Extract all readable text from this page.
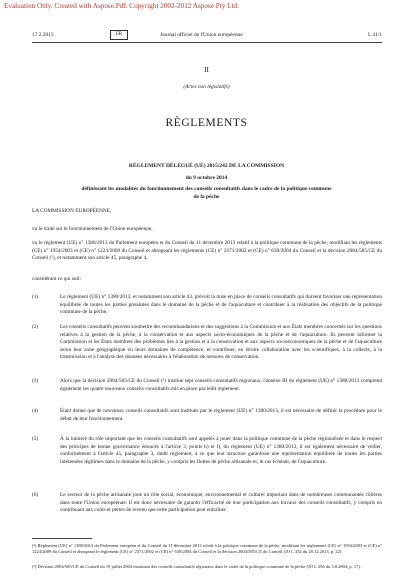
Evaluation Only. Created with Aspose.Pdf. Copyright 2002-2012 Aspose Pty Ltd.
17.2.2015	FR	Journal officiel de l'Union européenne	L 41/1
II
(Actes non législatifs)
RÈGLEMENTS
RÈGLEMENT DÉLÉGUÉ (UE) 2015/242 DE LA COMMISSION
du 9 octobre 2014
définissant les modalités du fonctionnement des conseils consultatifs dans le cadre de la politique commune de la pêche
LA COMMISSION EUROPÉENNE,
vu le traité sur le fonctionnement de l'Union européenne,
vu le règlement (UE) n° 1380/2013 du Parlement européen et du Conseil du 11 décembre 2013 relatif à la politique commune de la pêche, modifiant les règlements (CE) n° 1954/2003 et (CE) n° 1224/2009 du Conseil et abrogeant les règlements (CE) n° 2371/2002 et (CE) n° 639/2004 du Conseil et la décision 2004/585/CE du Conseil (¹), et notamment son article 45, paragraphe 4,
considérant ce qui suit:
(1)	Le règlement (UE) n° 1380/2013, et notamment son article 43, prévoit la mise en place de conseils consultatifs qui doivent favoriser une représentation équilibrée de toutes les parties prenantes dans le domaine de la pêche et de l'aquaculture et contribuer à la réalisation des objectifs de la politique commune de la pêche.
(2)	Les conseils consultatifs peuvent soumettre des recommandations et des suggestions à la Commission et aux États membres concernés sur les questions relatives à la gestion de la pêche, à la conservation et aux aspects socio-économiques de la pêche et de l'aquaculture. Ils peuvent informer la Commission et les États membres des problèmes liés à la gestion et à la conservation et aux aspects socioéconomiques de la pêche et de l'aquaculture selon leur zone géographique ou leurs domaines de compétence, et contribuer, en étroite collaboration avec les scientifiques, à la collecte, à la transmission et à l'analyse des données nécessaires à l'élaboration de mesures de conservation.
(3)	Alors que la décision 2004/585/CE du Conseil (²) institue sept conseils consultatifs régionaux, l'annexe III du règlement (UE) n° 1380/2013 comprend également les quatre nouveaux conseils consultatifs mis en place par ledit règlement.
(4)	Étant donné que de nouveaux conseils consultatifs sont institués par le règlement (UE) n° 1380/2013, il est nécessaire de définir la procédure pour le début de leur fonctionnement.
(5)	À la lumière du rôle important que les conseils consultatifs sont appelés à jouer dans la politique commune de la pêche régionalisée et dans le respect des principes de bonne gouvernance énoncés à l'article 3, points b) et f), du règlement (UE) n° 1380/2013, il est également nécessaire de veiller, conformément à l'article 45, paragraphe 3, dudit règlement, à ce que leur structure garantisse une représentation équilibrée de toutes les parties intéressées légitimes dans le domaine de la pêche, y compris les flottes de pêche artisanale et, le cas échéant, de l'aquaculture.
(6)	Le secteur de la pêche artisanale joue un rôle social, économique, environnemental et culturel important dans de nombreuses communautés côtières dans toute l'Union européenne. Il est donc nécessaire de garantir l'efficacité de leur participation aux travaux des conseils consultatifs, y compris en contribuant aux coûts et pertes de revenu que cette participation peut entraîner.
(¹) Règlement (UE) n° 1380/2013 du Parlement européen et du Conseil du 11 décembre 2013 relatif à la politique commune de la pêche, modifiant les règlements (CE) n° 1954/2003 et (CE) n° 1224/2009 du Conseil et abrogeant le règlement (CE) n° 2371/2002 et (CE) n° 639/2004 du Conseil et la décision 2004/585/CE du Conseil (JO L 354 du 28.12.2013, p. 22).
(²) Décision 2004/585/CE du Conseil du 19 juillet 2004 instituant des conseils consultatifs régionaux dans le cadre de la politique commune de la pêche (JO L 256 du 3.8.2004, p. 17).
